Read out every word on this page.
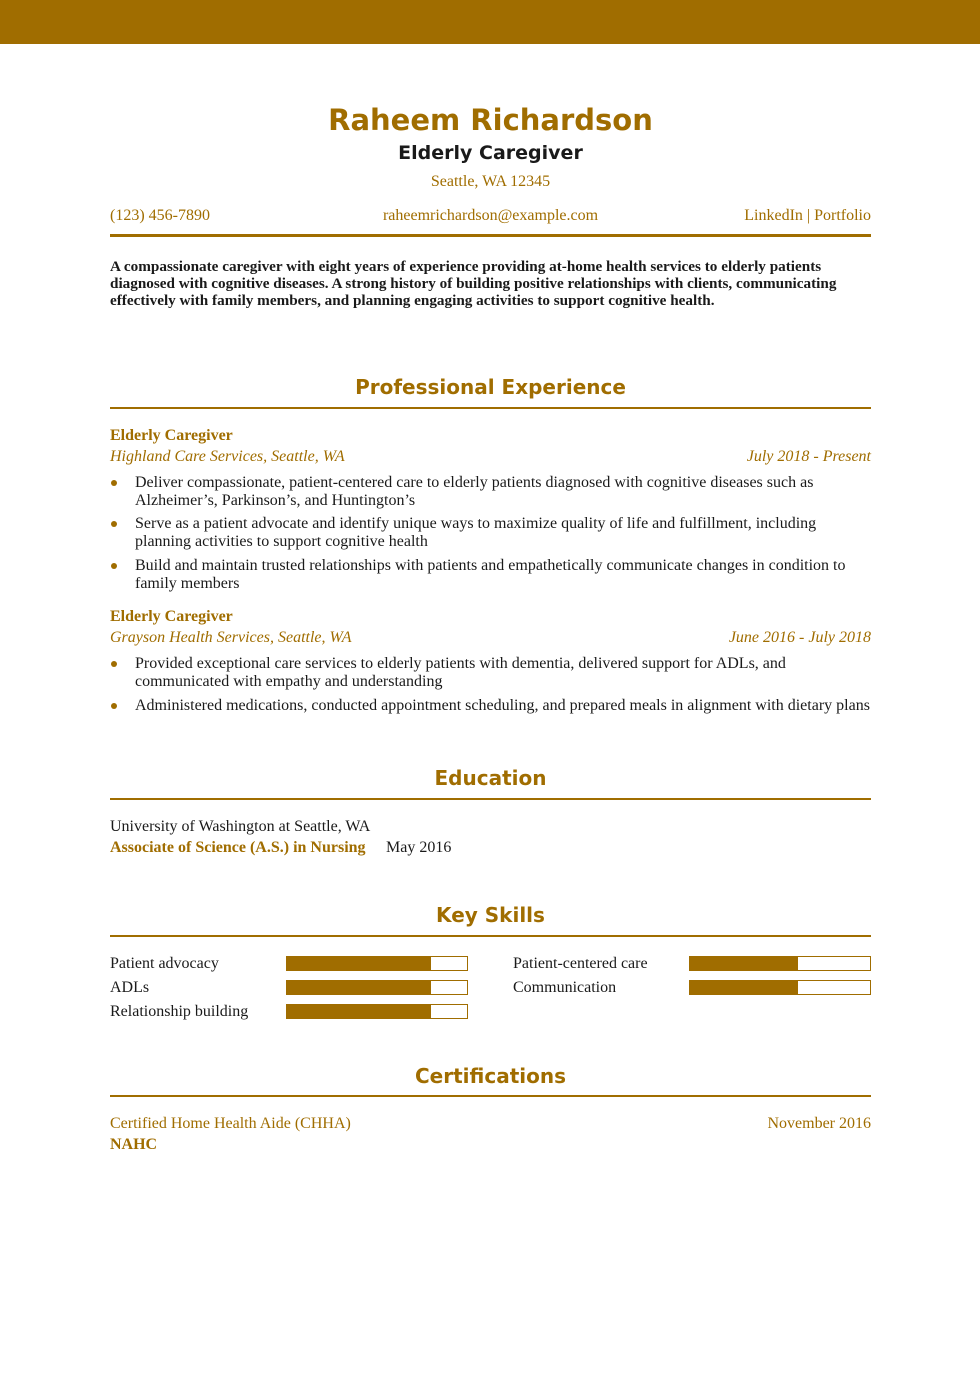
Raheem Richardson
Elderly Caregiver
Seattle, WA 12345
(123) 456-7890	raheemrichardson@example.com	LinkedIn | Portfolio
A compassionate caregiver with eight years of experience providing at-home health services to elderly patients diagnosed with cognitive diseases. A strong history of building positive relationships with clients, communicating effectively with family members, and planning engaging activities to support cognitive health.
Professional Experience
Elderly Caregiver
Highland Care Services, Seattle, WA	July 2018 - Present
Deliver compassionate, patient-centered care to elderly patients diagnosed with cognitive diseases such as Alzheimer’s, Parkinson’s, and Huntington’s
Serve as a patient advocate and identify unique ways to maximize quality of life and fulfillment, including planning activities to support cognitive health
Build and maintain trusted relationships with patients and empathetically communicate changes in condition to family members
Elderly Caregiver
Grayson Health Services, Seattle, WA	June 2016 - July 2018
Provided exceptional care services to elderly patients with dementia, delivered support for ADLs, and communicated with empathy and understanding
Administered medications, conducted appointment scheduling, and prepared meals in alignment with dietary plans
Education
University of Washington at Seattle, WA
Associate of Science (A.S.) in Nursing May 2016
Key Skills
Patient advocacy	Patient-centered care
ADLs	Communication
Relationship building
Certifications
Certified Home Health Aide (CHHA)	November 2016
NAHC
